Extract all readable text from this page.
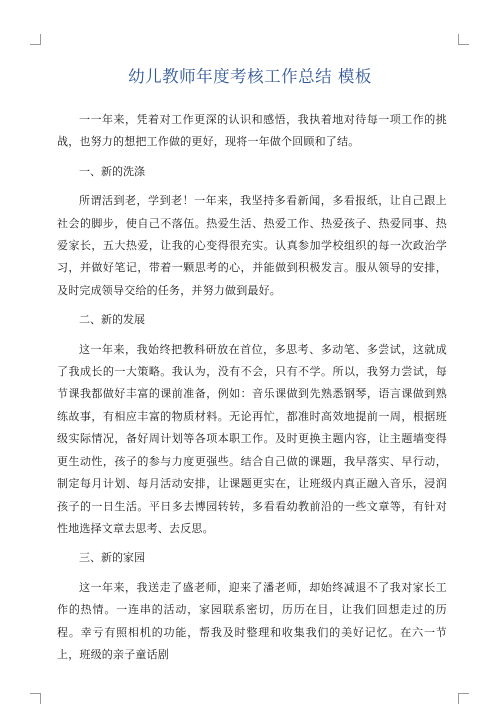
幼儿教师年度考核工作总结 模板

一一年来，凭着对工作更深的认识和感悟，我执着地对待每一项工作的挑战，也努力的想把工作做的更好，现将一年做个回顾和了结。

一、新的洗涤

所谓活到老，学到老！一年来，我坚持多看新闻，多看报纸，让自己跟上社会的脚步，使自己不落伍。热爱生活、热爱工作、热爱孩子、热爱同事、热爱家长，五大热爱，让我的心变得很充实。认真参加学校组织的每一次政治学习，并做好笔记，带着一颗思考的心，并能做到积极发言。服从领导的安排，及时完成领导交给的任务，并努力做到最好。

二、新的发展

这一年来，我始终把教科研放在首位，多思考、多动笔、多尝试，这就成了我成长的一大策略。我认为，没有不会，只有不学。所以，我努力尝试，每节课我都做好丰富的课前准备，例如：音乐课做到先熟悉钢琴，语言课做到熟练故事，有相应丰富的物质材料。无论再忙，都准时高效地提前一周，根据班级实际情况，备好周计划等各项本职工作。及时更换主题内容，让主题墙变得更生动性，孩子的参与力度更强些。结合自己做的课题，我早落实、早行动，制定每月计划、每月活动安排，让课题更实在，让班级内真正融入音乐，浸润孩子的一日生活。平日多去博园转转，多看看幼教前沿的一些文章等，有针对性地选择文章去思考、去反思。

三、新的家园

这一年来，我送走了盛老师，迎来了潘老师，却始终减退不了我对家长工作的热情。一连串的活动，家园联系密切，历历在目，让我们回想走过的历程。幸亏有照相机的功能，帮我及时整理和收集我们的美好记忆。在六一节上，班级的亲子童话剧
